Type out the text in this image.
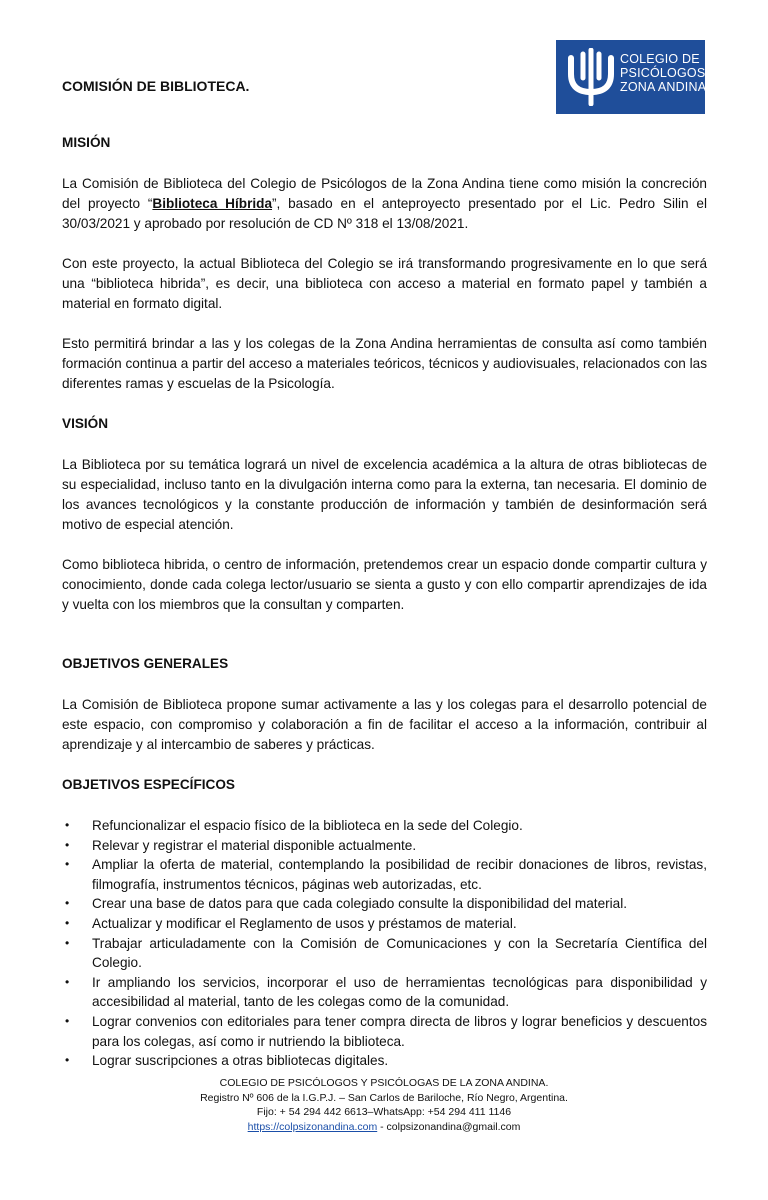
COLEGIO DE
PSICÓLOGOS
ZONA ANDINA
COMISIÓN DE BIBLIOTECA.
MISIÓN

La Comisión de Biblioteca del Colegio de Psicólogos de la Zona Andina tiene como misión la concreción del proyecto “Biblioteca Híbrida”, basado en el anteproyecto presentado por el Lic. Pedro Silin el 30/03/2021 y aprobado por resolución de CD Nº 318 el 13/08/2021.

Con este proyecto, la actual Biblioteca del Colegio se irá transformando progresivamente en lo que será una “biblioteca hibrida”, es decir, una biblioteca con acceso a material en formato papel y también a material en formato digital.

Esto permitirá brindar a las y los colegas de la Zona Andina herramientas de consulta así como también formación continua a partir del acceso a materiales teóricos, técnicos y audiovisuales, relacionados con las diferentes ramas y escuelas de la Psicología.

VISIÓN

La Biblioteca por su temática logrará un nivel de excelencia académica a la altura de otras bibliotecas de su especialidad, incluso tanto en la divulgación interna como para la externa, tan necesaria. El dominio de los avances tecnológicos y la constante producción de información y también de desinformación será motivo de especial atención.

Como biblioteca hibrida, o centro de información, pretendemos crear un espacio donde compartir cultura y conocimiento, donde cada colega lector/usuario se sienta a gusto y con ello compartir aprendizajes de ida y vuelta con los miembros que la consultan y comparten.

OBJETIVOS GENERALES

La Comisión de Biblioteca propone sumar activamente a las y los colegas para el desarrollo potencial de este espacio, con compromiso y colaboración a fin de facilitar el acceso a la información, contribuir al aprendizaje y al intercambio de saberes y prácticas.

OBJETIVOS ESPECÍFICOS
• Refuncionalizar el espacio físico de la biblioteca en la sede del Colegio.
• Relevar y registrar el material disponible actualmente.
• Ampliar la oferta de material, contemplando la posibilidad de recibir donaciones de libros, revistas, filmografía, instrumentos técnicos, páginas web autorizadas, etc.
• Crear una base de datos para que cada colegiado consulte la disponibilidad del material.
• Actualizar y modificar el Reglamento de usos y préstamos de material.
• Trabajar articuladamente con la Comisión de Comunicaciones y con la Secretaría Científica del Colegio.
• Ir ampliando los servicios, incorporar el uso de herramientas tecnológicas para disponibilidad y accesibilidad al material, tanto de les colegas como de la comunidad.
• Lograr convenios con editoriales para tener compra directa de libros y lograr beneficios y descuentos para los colegas, así como ir nutriendo la biblioteca.
• Lograr suscripciones a otras bibliotecas digitales.
COLEGIO DE PSICÓLOGOS Y PSICÓLOGAS DE LA ZONA ANDINA.
Registro Nº 606 de la I.G.P.J. – San Carlos de Bariloche, Río Negro, Argentina.
Fijo: + 54 294 442 6613–WhatsApp: +54 294 411 1146
https://colpsizonandina.com - colpsizonandina@gmail.com
